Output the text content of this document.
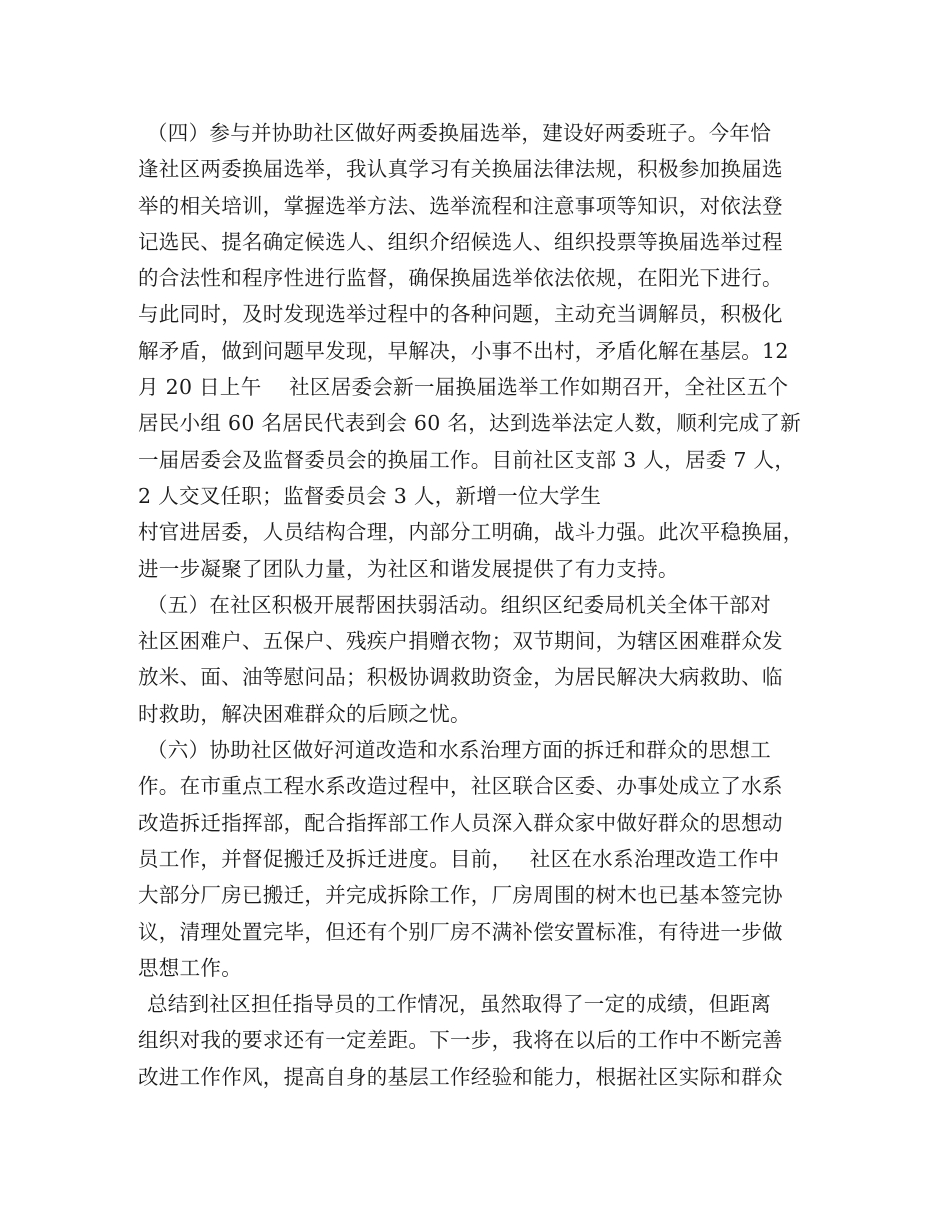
（四）参与并协助社区做好两委换届选举，建设好两委班子。今年恰
逢社区两委换届选举，我认真学习有关换届法律法规，积极参加换届选
举的相关培训，掌握选举方法、选举流程和注意事项等知识，对依法登
记选民、提名确定候选人、组织介绍候选人、组织投票等换届选举过程
的合法性和程序性进行监督，确保换届选举依法依规，在阳光下进行。
与此同时，及时发现选举过程中的各种问题，主动充当调解员，积极化
解矛盾，做到问题早发现，早解决，小事不出村，矛盾化解在基层。12
月 20 日上午　 社区居委会新一届换届选举工作如期召开，全社区五个
居民小组 60 名居民代表到会 60 名，达到选举法定人数，顺利完成了新
一届居委会及监督委员会的换届工作。目前社区支部 3 人，居委 7 人，
2 人交叉任职；监督委员会 3 人，新增一位大学生
村官进居委，人员结构合理，内部分工明确，战斗力强。此次平稳换届，
进一步凝聚了团队力量，为社区和谐发展提供了有力支持。
（五）在社区积极开展帮困扶弱活动。组织区纪委局机关全体干部对
社区困难户、五保户、残疾户捐赠衣物；双节期间，为辖区困难群众发
放米、面、油等慰问品；积极协调救助资金，为居民解决大病救助、临
时救助，解决困难群众的后顾之忧。
（六）协助社区做好河道改造和水系治理方面的拆迁和群众的思想工
作。在市重点工程水系改造过程中，社区联合区委、办事处成立了水系
改造拆迁指挥部，配合指挥部工作人员深入群众家中做好群众的思想动
员工作，并督促搬迁及拆迁进度。目前，　 社区在水系治理改造工作中
大部分厂房已搬迁，并完成拆除工作，厂房周围的树木也已基本签完协
议，清理处置完毕，但还有个别厂房不满补偿安置标准，有待进一步做
思想工作。
总结到社区担任指导员的工作情况，虽然取得了一定的成绩，但距离
组织对我的要求还有一定差距。下一步，我将在以后的工作中不断完善
改进工作作风，提高自身的基层工作经验和能力，根据社区实际和群众
